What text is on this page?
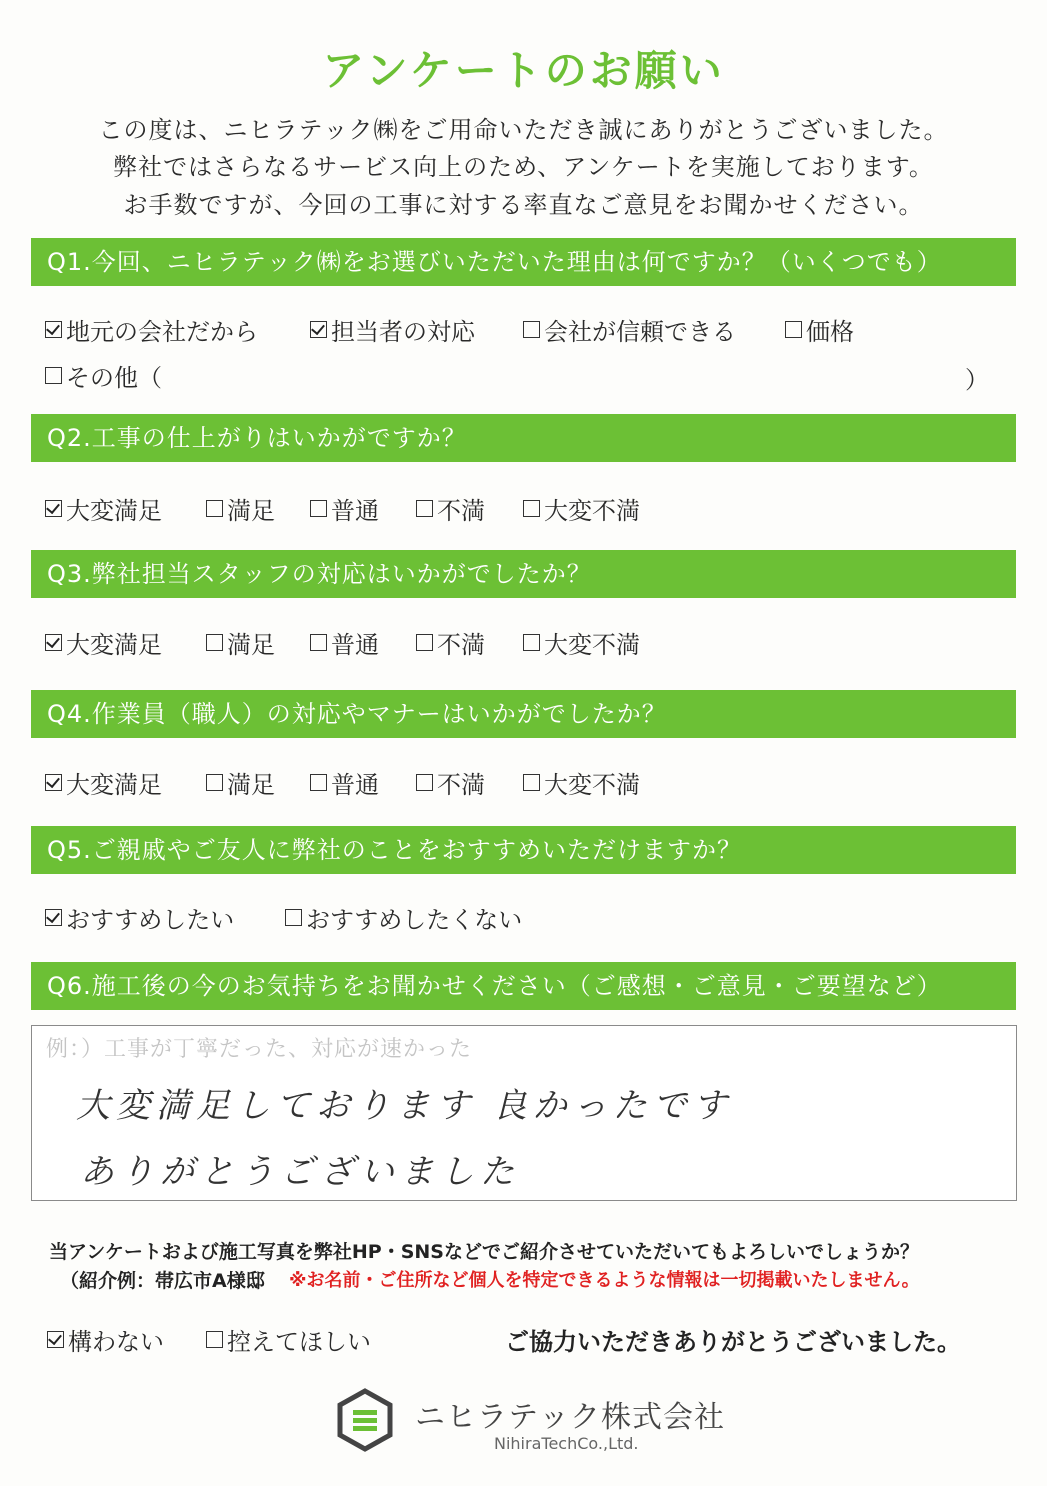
アンケートのお願い
この度は、ニヒラテック㈱をご用命いただき誠にありがとうございました。
弊社ではさらなるサービス向上のため、アンケートを実施しております。
お手数ですが、今回の工事に対する率直なご意見をお聞かせください。
Q1.今回、ニヒラテック㈱をお選びいただいた理由は何ですか？（いくつでも）
地元の会社だから	担当者の対応	会社が信頼できる	価格
その他（	）
Q2.工事の仕上がりはいかがですか？
大変満足	満足 普通 不満 大変不満
Q3.弊社担当スタッフの対応はいかがでしたか？
大変満足	満足 普通 不満 大変不満
Q4.作業員（職人）の対応やマナーはいかがでしたか？
大変満足	満足 普通 不満 大変不満
Q5.ご親戚やご友人に弊社のことをおすすめいただけますか？
おすすめしたい	おすすめしたくない
Q6.施工後の今のお気持ちをお聞かせください（ご感想・ご意見・ご要望など）
例：）工事が丁寧だった、対応が速かった
大変満足しております 良かったです
ありがとうございました
当アンケートおよび施工写真を弊社HP・SNSなどでご紹介させていただいてもよろしいでしょうか？
（紹介例：帯広市A様邸 ※お名前・ご住所など個人を特定できるような情報は一切掲載いたしません。
構わない	控えてほしい	ご協力いただきありがとうございました。
ニヒラテック株式会社
NihiraTechCo.,Ltd.
